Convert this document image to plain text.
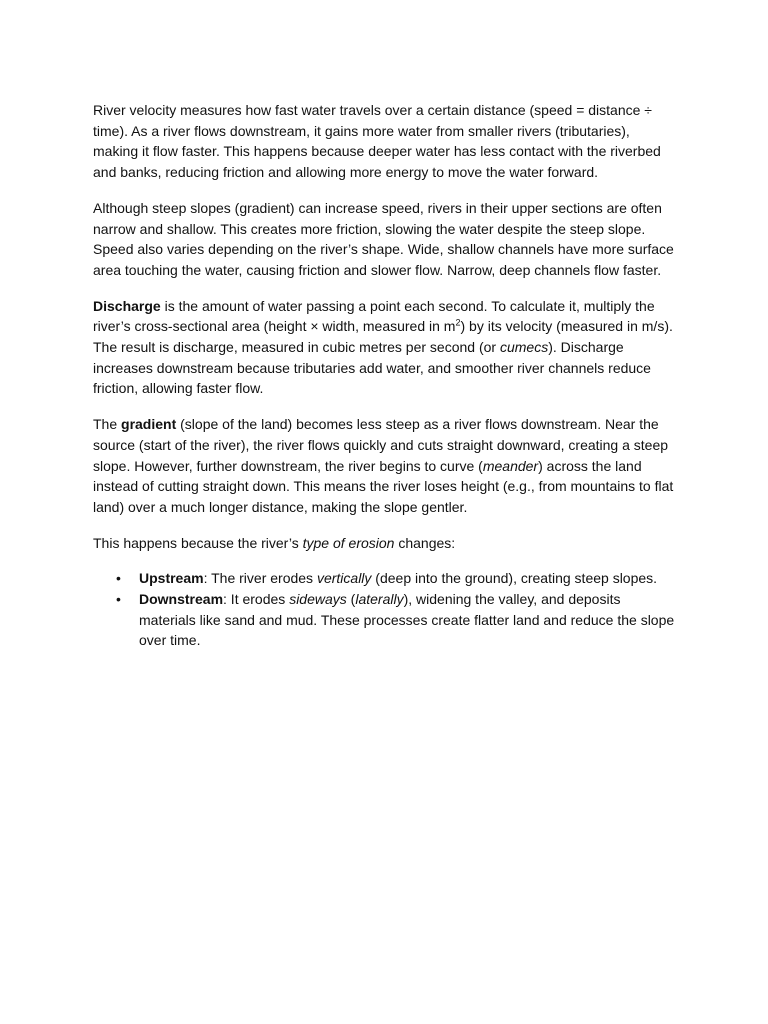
River velocity measures how fast water travels over a certain distance (speed = distance ÷ time). As a river flows downstream, it gains more water from smaller rivers (tributaries), making it flow faster. This happens because deeper water has less contact with the riverbed and banks, reducing friction and allowing more energy to move the water forward.

Although steep slopes (gradient) can increase speed, rivers in their upper sections are often narrow and shallow. This creates more friction, slowing the water despite the steep slope. Speed also varies depending on the river’s shape. Wide, shallow channels have more surface area touching the water, causing friction and slower flow. Narrow, deep channels flow faster.

Discharge is the amount of water passing a point each second. To calculate it, multiply the river’s cross-sectional area (height × width, measured in $m^2$) by its velocity (measured in m/s). The result is discharge, measured in cubic metres per second (or cumecs). Discharge increases downstream because tributaries add water, and smoother river channels reduce friction, allowing faster flow.

The gradient (slope of the land) becomes less steep as a river flows downstream. Near the source (start of the river), the river flows quickly and cuts straight downward, creating a steep slope. However, further downstream, the river begins to curve (meander) across the land instead of cutting straight down. This means the river loses height (e.g., from mountains to flat land) over a much longer distance, making the slope gentler.

This happens because the river’s type of erosion changes:

• Upstream: The river erodes vertically (deep into the ground), creating steep slopes.
• Downstream: It erodes sideways (laterally), widening the valley, and deposits materials like sand and mud. These processes create flatter land and reduce the slope over time.
